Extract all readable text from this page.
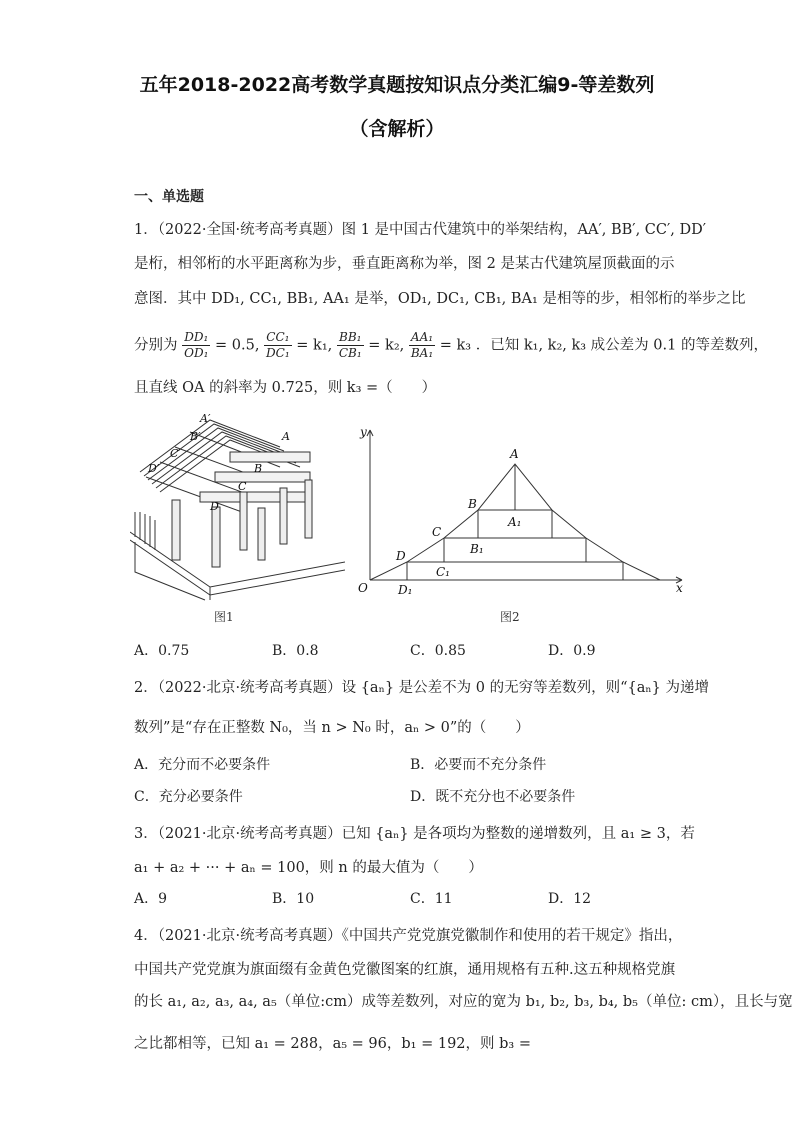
五年2018-2022高考数学真题按知识点分类汇编9-等差数列
（含解析）
一、单选题
1．（2022·全国·统考高考真题）图 1 是中国古代建筑中的举架结构，AA′, BB′, CC′, DD′
是桁，相邻桁的水平距离称为步，垂直距离称为举，图 2 是某古代建筑屋顶截面的示
意图．其中 DD₁, CC₁, BB₁, AA₁ 是举，OD₁, DC₁, CB₁, BA₁ 是相等的步，相邻桁的举步之比
分别为 $\frac{\text{DD₁}}{\text{OD₁}} = 0.5$, $\frac{\text{CC₁}}{\text{DC₁}} = k_1$, $\frac{\text{BB₁}}{\text{CB₁}} = k_2$, $\frac{\text{AA₁}}{\text{BA₁}} = k_3$ ．已知 k₁, k₂, k₃ 成公差为 0.1 的等差数列，
且直线 OA 的斜率为 0.725，则 k₃ =（　　）
A′
B′
C′
D′
A
B
C
D
图1
y
x
O
A
B
C
D
A₁
B₁
C₁
D₁
图2
A．0.75	B．0.8	C．0.85	D．0.9
2．（2022·北京·统考高考真题）设 {aₙ} 是公差不为 0 的无穷等差数列，则“{aₙ} 为递增
数列”是“存在正整数 N₀，当 n > N₀ 时，aₙ > 0”的（　　）
A．充分而不必要条件	B．必要而不充分条件
C．充分必要条件	D．既不充分也不必要条件
3．（2021·北京·统考高考真题）已知 {aₙ} 是各项均为整数的递增数列，且 a₁ ≥ 3，若
a₁ + a₂ + ··· + aₙ = 100，则 n 的最大值为（　　）
A．9	B．10	C．11	D．12
4．（2021·北京·统考高考真题）《中国共产党党旗党徽制作和使用的若干规定》指出，
中国共产党党旗为旗面缀有金黄色党徽图案的红旗，通用规格有五种.这五种规格党旗
的长 a₁, a₂, a₃, a₄, a₅（单位:cm）成等差数列，对应的宽为 b₁, b₂, b₃, b₄, b₅（单位: cm），且长与宽
之比都相等，已知 a₁ = 288，a₅ = 96，b₁ = 192，则 b₃ =
